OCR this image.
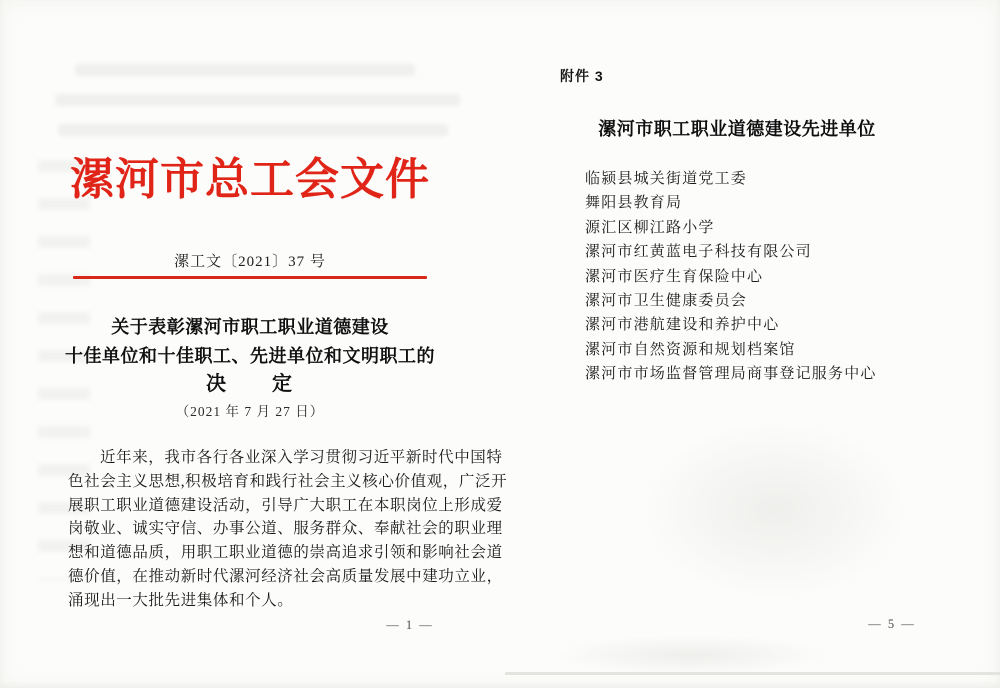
漯河市总工会文件
漯工文〔2021〕37 号
关于表彰漯河市职工职业道德建设
十佳单位和十佳职工、先进单位和文明职工的
决　　定
（2021 年 7 月 27 日）
近年来，我市各行各业深入学习贯彻习近平新时代中国特
色社会主义思想,积极培育和践行社会主义核心价值观，广泛开
展职工职业道德建设活动，引导广大职工在本职岗位上形成爱
岗敬业、诚实守信、办事公道、服务群众、奉献社会的职业理
想和道德品质，用职工职业道德的崇高追求引领和影响社会道
德价值，在推动新时代漯河经济社会高质量发展中建功立业，
涌现出一大批先进集体和个人。
— 1 —
附件 3
漯河市职工职业道德建设先进单位
临颍县城关街道党工委
舞阳县教育局
源汇区柳江路小学
漯河市红黄蓝电子科技有限公司
漯河市医疗生育保险中心
漯河市卫生健康委员会
漯河市港航建设和养护中心
漯河市自然资源和规划档案馆
漯河市市场监督管理局商事登记服务中心
— 5 —
